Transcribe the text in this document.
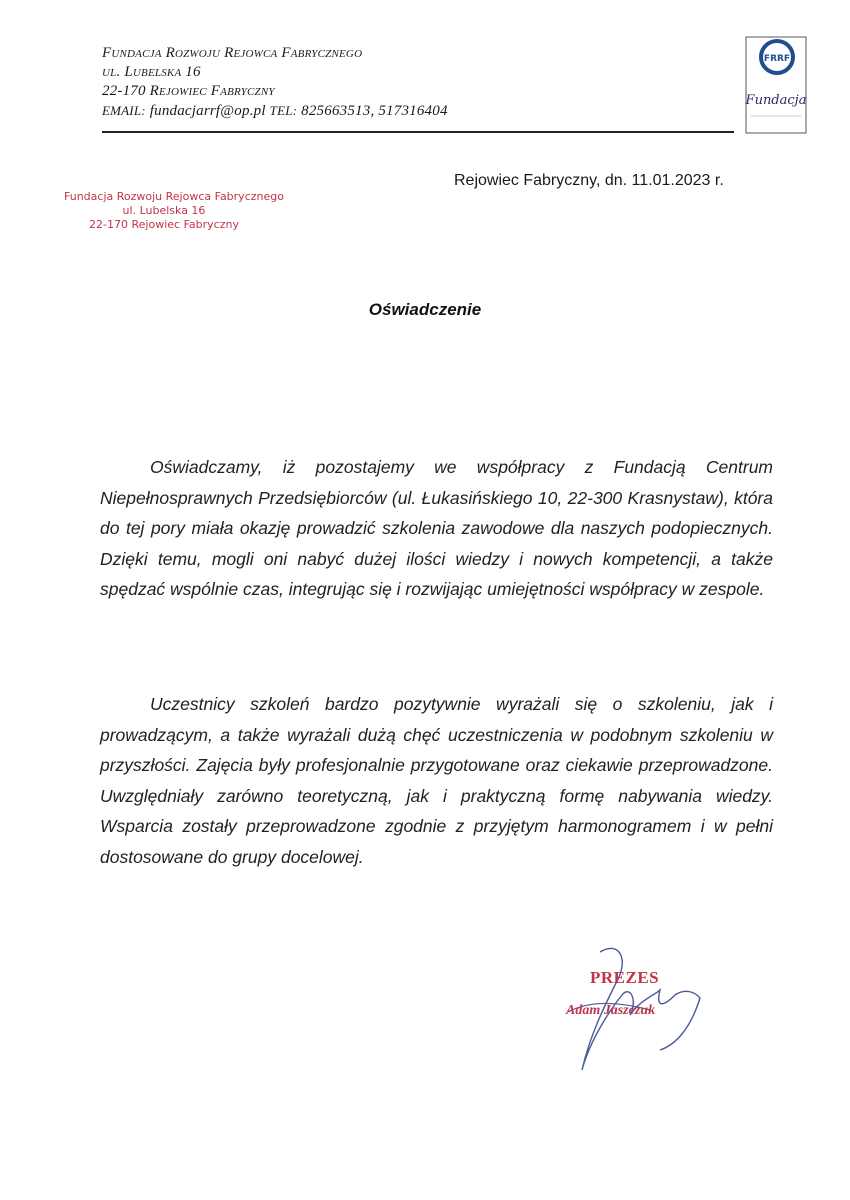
Fundacja Rozwoju Rejowca Fabrycznego
ul. Lubelska 16
22-170 Rejowiec Fabryczny
EMAIL: fundacjarrf@op.pl TEL: 825663513, 517316404
FRRF
Fundacja
Fundacja Rozwoju Rejowca Fabrycznego
ul. Lubelska 16
22-170 Rejowiec Fabryczny
Rejowiec Fabryczny, dn. 11.01.2023 r.
Oświadczenie

Oświadczamy, iż pozostajemy we współpracy z Fundacją Centrum Niepełnosprawnych Przedsiębiorców (ul. Łukasińskiego 10, 22-300 Krasnystaw), która do tej pory miała okazję prowadzić szkolenia zawodowe dla naszych podopiecznych. Dzięki temu, mogli oni nabyć dużej ilości wiedzy i nowych kompetencji, a także spędzać wspólnie czas, integrując się i rozwijając umiejętności współpracy w zespole.

Uczestnicy szkoleń bardzo pozytywnie wyrażali się o szkoleniu, jak i prowadzącym, a także wyrażali dużą chęć uczestniczenia w podobnym szkoleniu w przyszłości. Zajęcia były profesjonalnie przygotowane oraz ciekawie przeprowadzone. Uwzględniały zarówno teoretyczną, jak i praktyczną formę nabywania wiedzy. Wsparcia zostały przeprowadzone zgodnie z przyjętym harmonogramem i w pełni dostosowane do grupy docelowej.

PREZES
Adam Jaszczuk
